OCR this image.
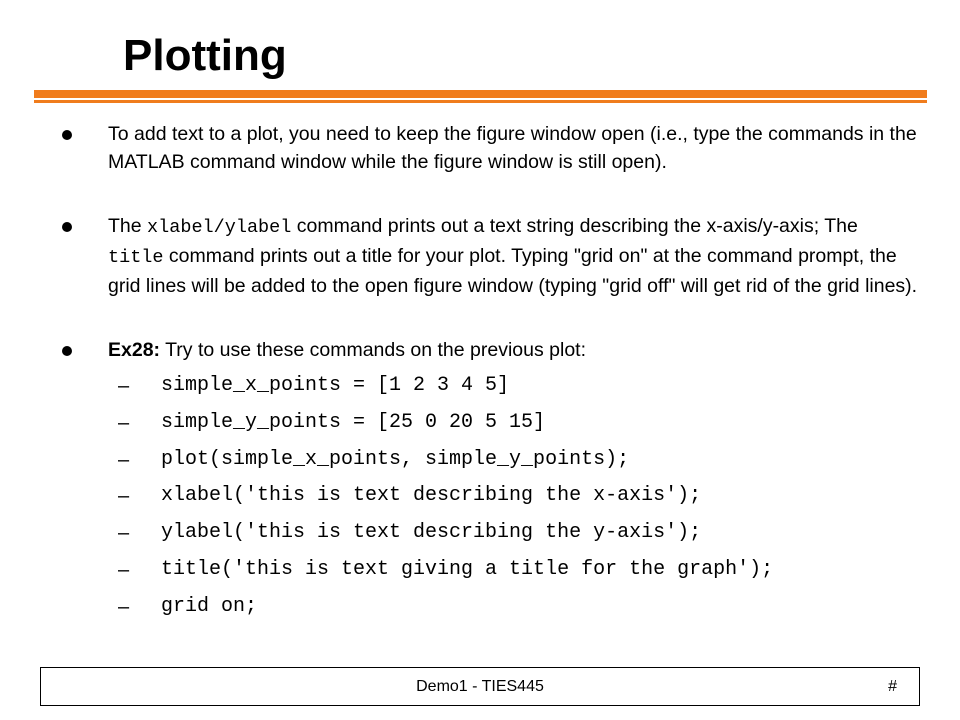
Plotting
To add text to a plot, you need to keep the figure window open (i.e., type the commands in the MATLAB command window while the figure window is still open).
The xlabel/ylabel command prints out a text string describing the x-axis/y-axis; The title command prints out a title for your plot. Typing "grid on" at the command prompt, the grid lines will be added to the open figure window (typing "grid off" will get rid of the grid lines).
Ex28: Try to use these commands on the previous plot:
– simple_x_points = [1 2 3 4 5]
– simple_y_points = [25 0 20 5 15]
– plot(simple_x_points, simple_y_points);
– xlabel('this is text describing the x-axis');
– ylabel('this is text describing the y-axis');
– title('this is text giving a title for the graph');
– grid on;
Demo1 - TIES445	#
